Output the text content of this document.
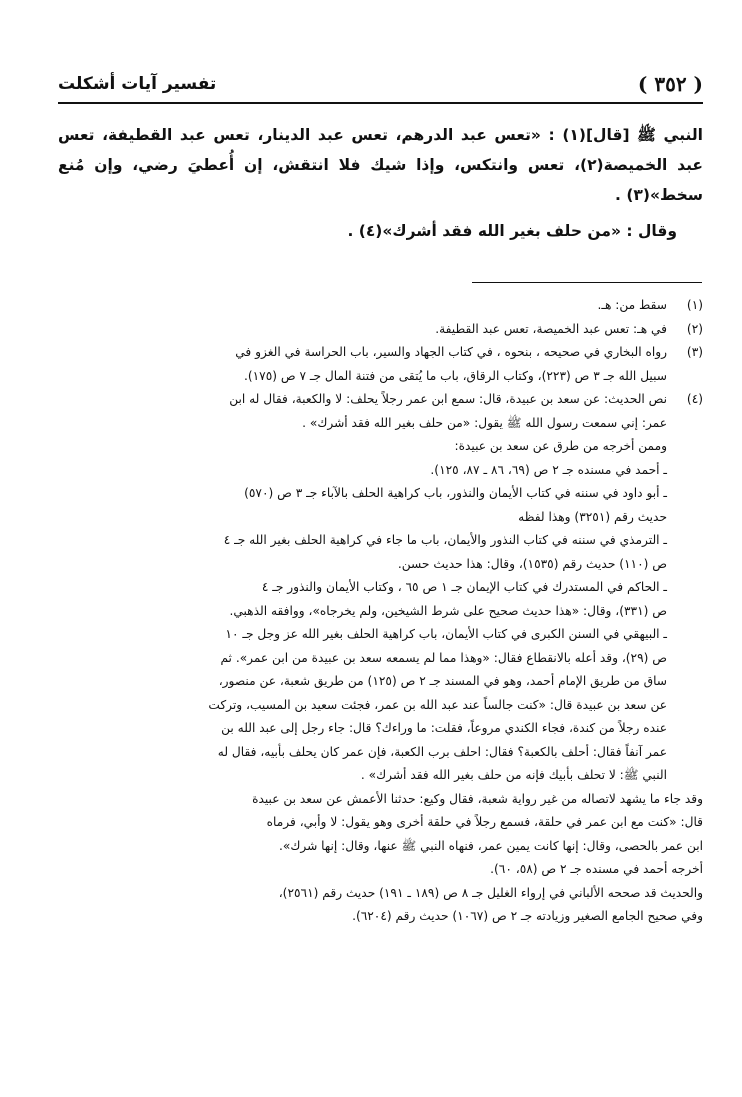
( ٣٥٢ )
تفسير آيات أشكلت

النبي ﷺ [قال](١) : «تعس عبد الدرهم، تعس عبد الدينار، تعس عبد القطيفة، تعس عبد الخميصة(٢)، تعس وانتكس، وإذا شيك فلا انتقش، إن أُعطيَ رضي، وإن مُنع سخط»(٣) .

وقال : «من حلف بغير الله فقد أشرك»(٤) .

(١)
سقط من: هـ.
(٢)
في هـ: تعس عبد الخميصة، تعس عبد القطيفة.
(٣)
رواه البخاري في صحيحه ، بنحوه ، في كتاب الجهاد والسير، باب الحراسة في الغزو في
سبيل الله جـ ٣ ص (٢٢٣)، وكتاب الرقاق، باب ما يُتقى من فتنة المال جـ ٧ ص (١٧٥).
(٤)
نص الحديث: عن سعد بن عبيدة، قال: سمع ابن عمر رجلاً يحلف: لا والكعبة، فقال له ابن
عمر: إني سمعت رسول الله ﷺ يقول: «من حلف بغير الله فقد أشرك» .
وممن أخرجه من طرق عن سعد بن عبيدة:
ـ أحمد في مسنده جـ ٢ ص (٦٩، ٨٦ ـ ٨٧، ١٢٥).
ـ أبو داود في سننه في كتاب الأيمان والنذور، باب كراهية الحلف بالآباء جـ ٣ ص (٥٧٠)
حديث رقم (٣٢٥١) وهذا لفظه
ـ الترمذي في سننه في كتاب النذور والأيمان، باب ما جاء في كراهية الحلف بغير الله جـ ٤
ص (١١٠) حديث رقم (١٥٣٥)، وقال: هذا حديث حسن.
ـ الحاكم في المستدرك في كتاب الإيمان جـ ١ ص ٦٥ ، وكتاب الأيمان والنذور جـ ٤
ص (٣٣١)، وقال: «هذا حديث صحيح على شرط الشيخين، ولم يخرجاه»، ووافقه الذهبي.
ـ البيهقي في السنن الكبرى في كتاب الأيمان، باب كراهية الحلف بغير الله عز وجل جـ ١٠
ص (٢٩)، وقد أعله بالانقطاع فقال: «وهذا مما لم يسمعه سعد بن عبيدة من ابن عمر». ثم
ساق من طريق الإمام أحمد، وهو في المسند جـ ٢ ص (١٢٥) من طريق شعبة، عن منصور،
عن سعد بن عبيدة قال: «كنت جالساً عند عبد الله بن عمر، فجئت سعيد بن المسيب، وتركت
عنده رجلاً من كندة، فجاء الكندي مروعاً، فقلت: ما وراءك؟ قال: جاء رجل إلى عبد الله بن
عمر آنفاً فقال: أحلف بالكعبة؟ فقال: احلف برب الكعبة، فإن عمر كان يحلف بأبيه، فقال له
النبي ﷺ: لا تحلف بأبيك فإنه من حلف بغير الله فقد أشرك» .
وقد جاء ما يشهد لاتصاله من غير رواية شعبة، فقال وكيع: حدثنا الأعمش عن سعد بن عبيدة
قال: «كنت مع ابن عمر في حلقة، فسمع رجلاً في حلقة أخرى وهو يقول: لا وأبي، فرماه
ابن عمر بالحصى، وقال: إنها كانت يمين عمر، فنهاه النبي ﷺ عنها، وقال: إنها شرك».
أخرجه أحمد في مسنده جـ ٢ ص (٥٨، ٦٠).
والحديث قد صححه الألباني في إرواء الغليل جـ ٨ ص (١٨٩ ـ ١٩١) حديث رقم (٢٥٦١)،
وفي صحيح الجامع الصغير وزيادته جـ ٢ ص (١٠٦٧) حديث رقم (٦٢٠٤).
